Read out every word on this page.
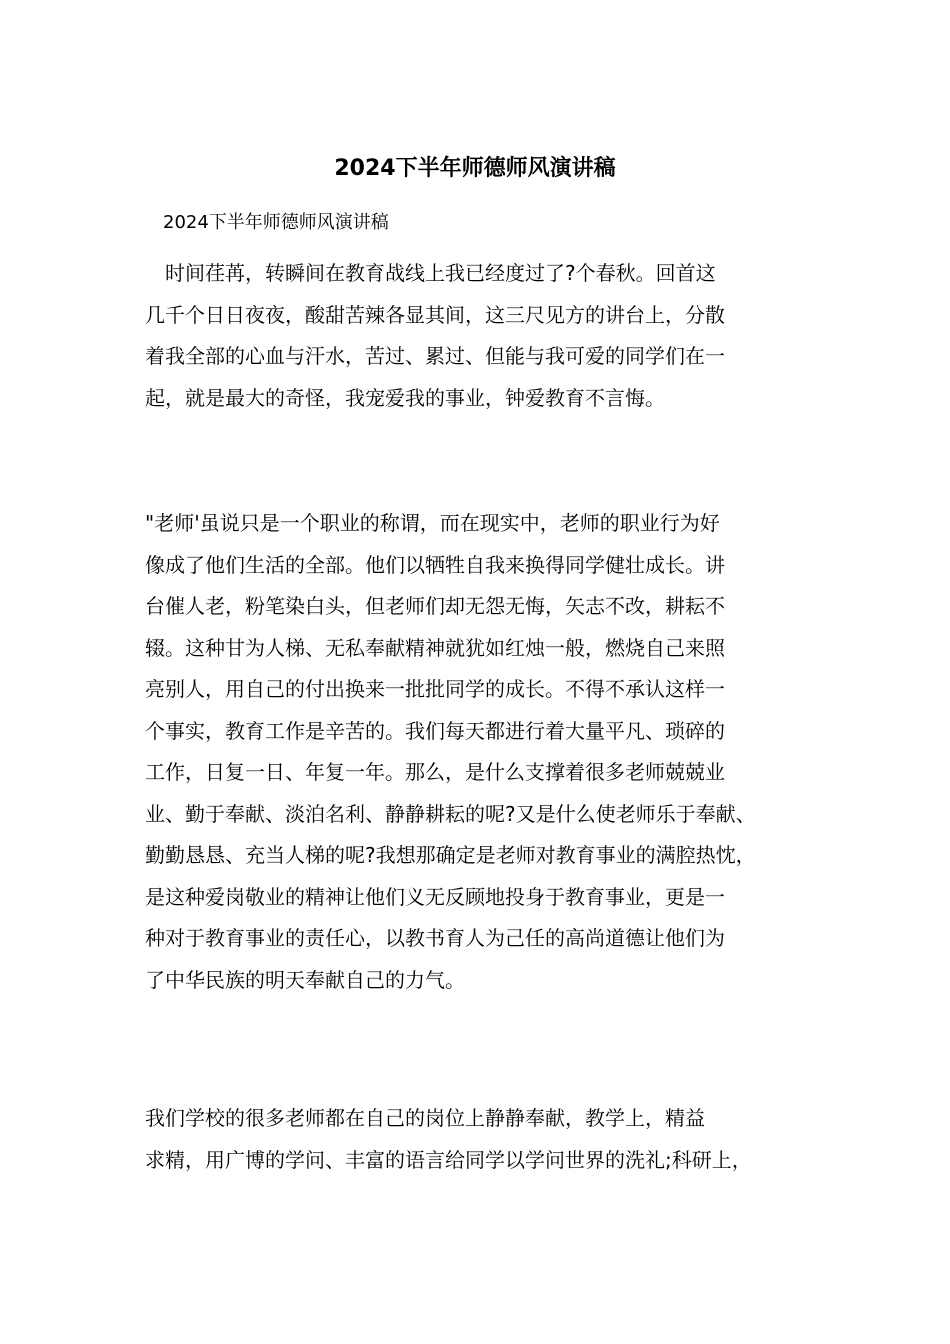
2024下半年师德师风演讲稿
2024下半年师德师风演讲稿

　时间荏苒，转瞬间在教育战线上我已经度过了?个春秋。回首这
几千个日日夜夜，酸甜苦辣各显其间，这三尺见方的讲台上，分散
着我全部的心血与汗水，苦过、累过、但能与我可爱的同学们在一
起，就是最大的奇怪，我宠爱我的事业，钟爱教育不言悔。

"老师'虽说只是一个职业的称谓，而在现实中，老师的职业行为好
像成了他们生活的全部。他们以牺牲自我来换得同学健壮成长。讲
台催人老，粉笔染白头，但老师们却无怨无悔，矢志不改，耕耘不
辍。这种甘为人梯、无私奉献精神就犹如红烛一般，燃烧自己来照
亮别人，用自己的付出换来一批批同学的成长。不得不承认这样一
个事实，教育工作是辛苦的。我们每天都进行着大量平凡、琐碎的
工作，日复一日、年复一年。那么，是什么支撑着很多老师兢兢业
业、勤于奉献、淡泊名利、静静耕耘的呢?又是什么使老师乐于奉献、
勤勤恳恳、充当人梯的呢?我想那确定是老师对教育事业的满腔热忱，
是这种爱岗敬业的精神让他们义无反顾地投身于教育事业，更是一
种对于教育事业的责任心，以教书育人为己任的高尚道德让他们为
了中华民族的明天奉献自己的力气。

我们学校的很多老师都在自己的岗位上静静奉献，教学上，精益
求精，用广博的学问、丰富的语言给同学以学问世界的洗礼;科研上，
